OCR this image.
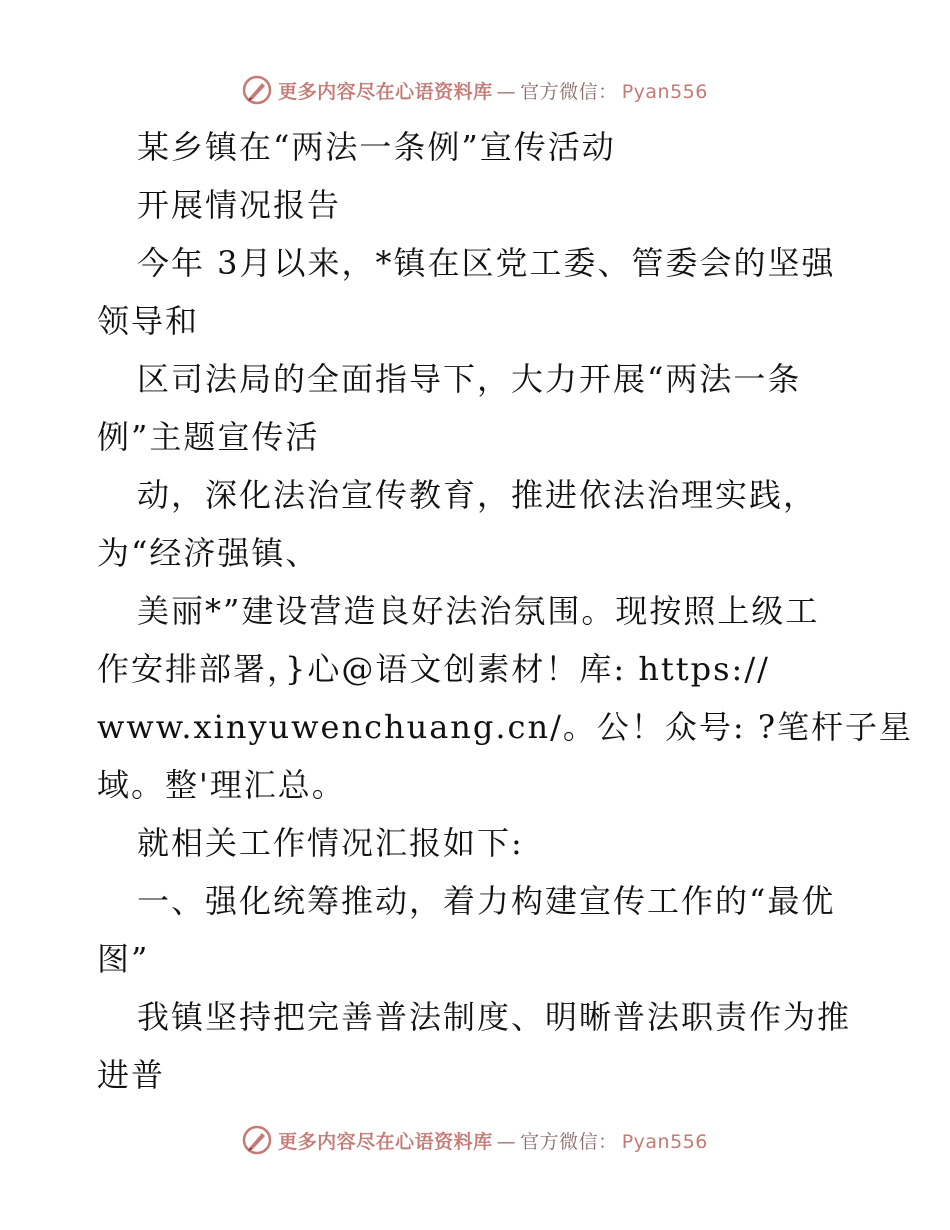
更多内容尽在心语资料库 — 官方微信： Pyan556
某乡镇在“两法一条例”宣传活动
开展情况报告
今年 3月以来，*镇在区党工委、管委会的坚强
领导和
区司法局的全面指导下，大力开展“两法一条
例”主题宣传活
动，深化法治宣传教育，推进依法治理实践，
为“经济强镇、
美丽*”建设营造良好法治氛围。现按照上级工
作安排部署，}心@语文创素材！库: https://
www.xinyuwenchuang.cn/。公！众号: ?笔杆子星
域。整'理汇总。
就相关工作情况汇报如下:
一、强化统筹推动，着力构建宣传工作的“最优
图”
我镇坚持把完善普法制度、明晰普法职责作为推
进普
更多内容尽在心语资料库 — 官方微信： Pyan556
